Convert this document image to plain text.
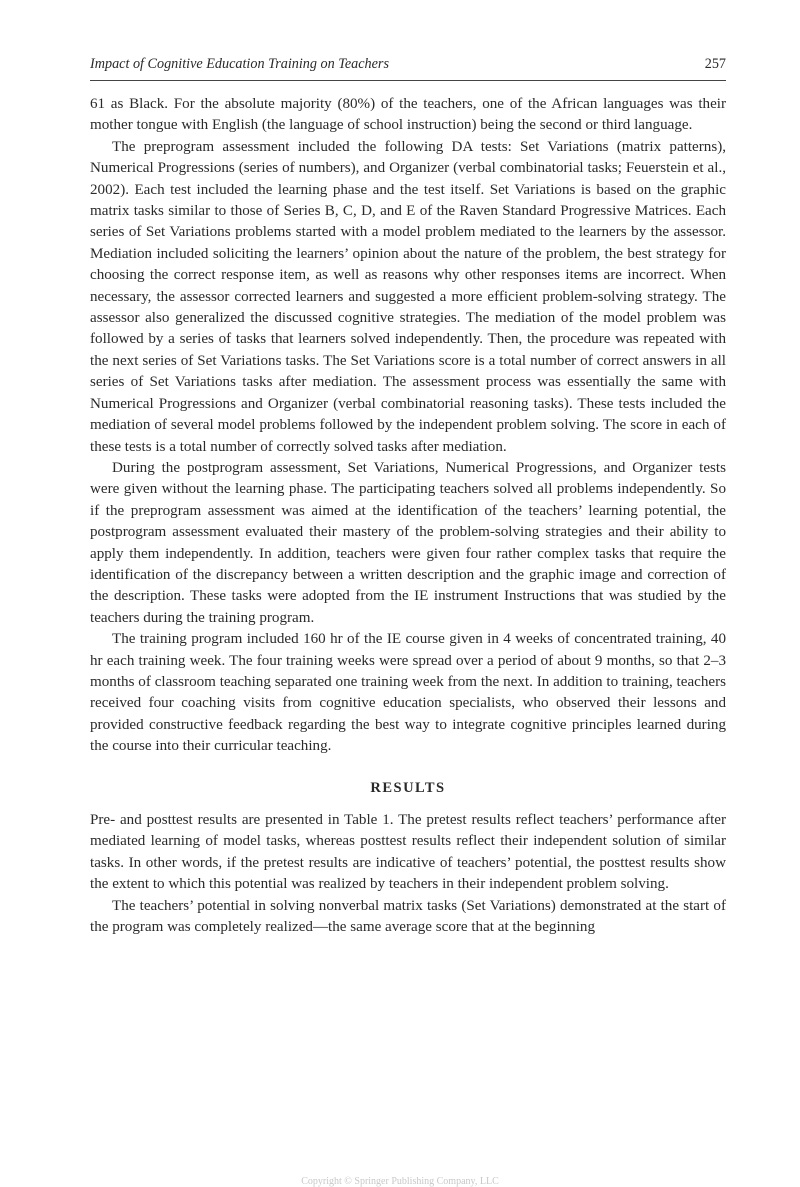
Impact of Cognitive Education Training on Teachers	257

61 as Black. For the absolute majority (80%) of the teachers, one of the African languages was their mother tongue with English (the language of school instruction) being the second or third language.

The preprogram assessment included the following DA tests: Set Variations (matrix patterns), Numerical Progressions (series of numbers), and Organizer (verbal combinatorial tasks; Feuerstein et al., 2002). Each test included the learning phase and the test itself. Set Variations is based on the graphic matrix tasks similar to those of Series B, C, D, and E of the Raven Standard Progressive Matrices. Each series of Set Variations problems started with a model problem mediated to the learners by the assessor. Mediation included soliciting the learners’ opinion about the nature of the problem, the best strategy for choosing the correct response item, as well as reasons why other responses items are incorrect. When necessary, the assessor corrected learners and suggested a more efficient problem-solving strategy. The assessor also generalized the discussed cognitive strategies. The mediation of the model problem was followed by a series of tasks that learners solved independently. Then, the procedure was repeated with the next series of Set Variations tasks. The Set Variations score is a total number of correct answers in all series of Set Variations tasks after mediation. The assessment process was essentially the same with Numerical Progressions and Organizer (verbal combinatorial reasoning tasks). These tests included the mediation of several model problems followed by the independent problem solving. The score in each of these tests is a total number of correctly solved tasks after mediation.

During the postprogram assessment, Set Variations, Numerical Progressions, and Organizer tests were given without the learning phase. The participating teachers solved all problems independently. So if the preprogram assessment was aimed at the identification of the teachers’ learning potential, the postprogram assessment evaluated their mastery of the problem-solving strategies and their ability to apply them independently. In addition, teachers were given four rather complex tasks that require the identification of the discrepancy between a written description and the graphic image and correction of the description. These tasks were adopted from the IE instrument Instructions that was studied by the teachers during the training program.

The training program included 160 hr of the IE course given in 4 weeks of concentrated training, 40 hr each training week. The four training weeks were spread over a period of about 9 months, so that 2–3 months of classroom teaching separated one training week from the next. In addition to training, teachers received four coaching visits from cognitive education specialists, who observed their lessons and provided constructive feedback regarding the best way to integrate cognitive principles learned during the course into their curricular teaching.

RESULTS

Pre- and posttest results are presented in Table 1. The pretest results reflect teachers’ performance after mediated learning of model tasks, whereas posttest results reflect their independent solution of similar tasks. In other words, if the pretest results are indicative of teachers’ potential, the posttest results show the extent to which this potential was realized by teachers in their independent problem solving.

The teachers’ potential in solving nonverbal matrix tasks (Set Variations) demonstrated at the start of the program was completely realized—the same average score that at the beginning

Copyright © Springer Publishing Company, LLC
